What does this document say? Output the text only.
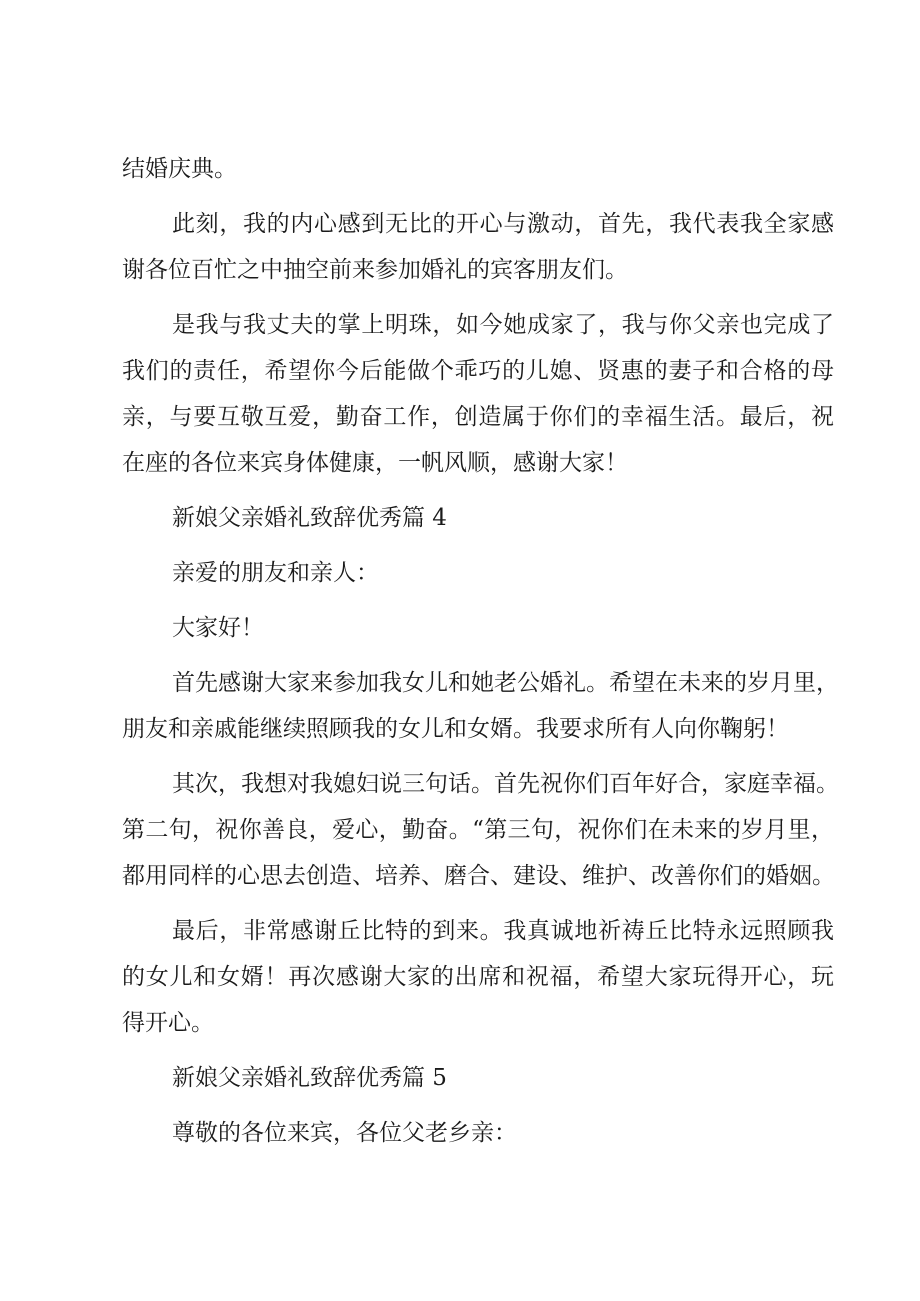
结婚庆典。
此刻，我的内心感到无比的开心与激动，首先，我代表我全家感
谢各位百忙之中抽空前来参加婚礼的宾客朋友们。
是我与我丈夫的掌上明珠，如今她成家了，我与你父亲也完成了
我们的责任，希望你今后能做个乖巧的儿媳、贤惠的妻子和合格的母
亲，与要互敬互爱，勤奋工作，创造属于你们的幸福生活。最后，祝
在座的各位来宾身体健康，一帆风顺，感谢大家！
新娘父亲婚礼致辞优秀篇 4
亲爱的朋友和亲人：
大家好！
首先感谢大家来参加我女儿和她老公婚礼。希望在未来的岁月里，
朋友和亲戚能继续照顾我的女儿和女婿。我要求所有人向你鞠躬！
其次，我想对我媳妇说三句话。首先祝你们百年好合，家庭幸福。
第二句，祝你善良，爱心，勤奋。“第三句，祝你们在未来的岁月里，
都用同样的心思去创造、培养、磨合、建设、维护、改善你们的婚姻。
最后，非常感谢丘比特的到来。我真诚地祈祷丘比特永远照顾我
的女儿和女婿！再次感谢大家的出席和祝福，希望大家玩得开心，玩
得开心。
新娘父亲婚礼致辞优秀篇 5
尊敬的各位来宾，各位父老乡亲：
